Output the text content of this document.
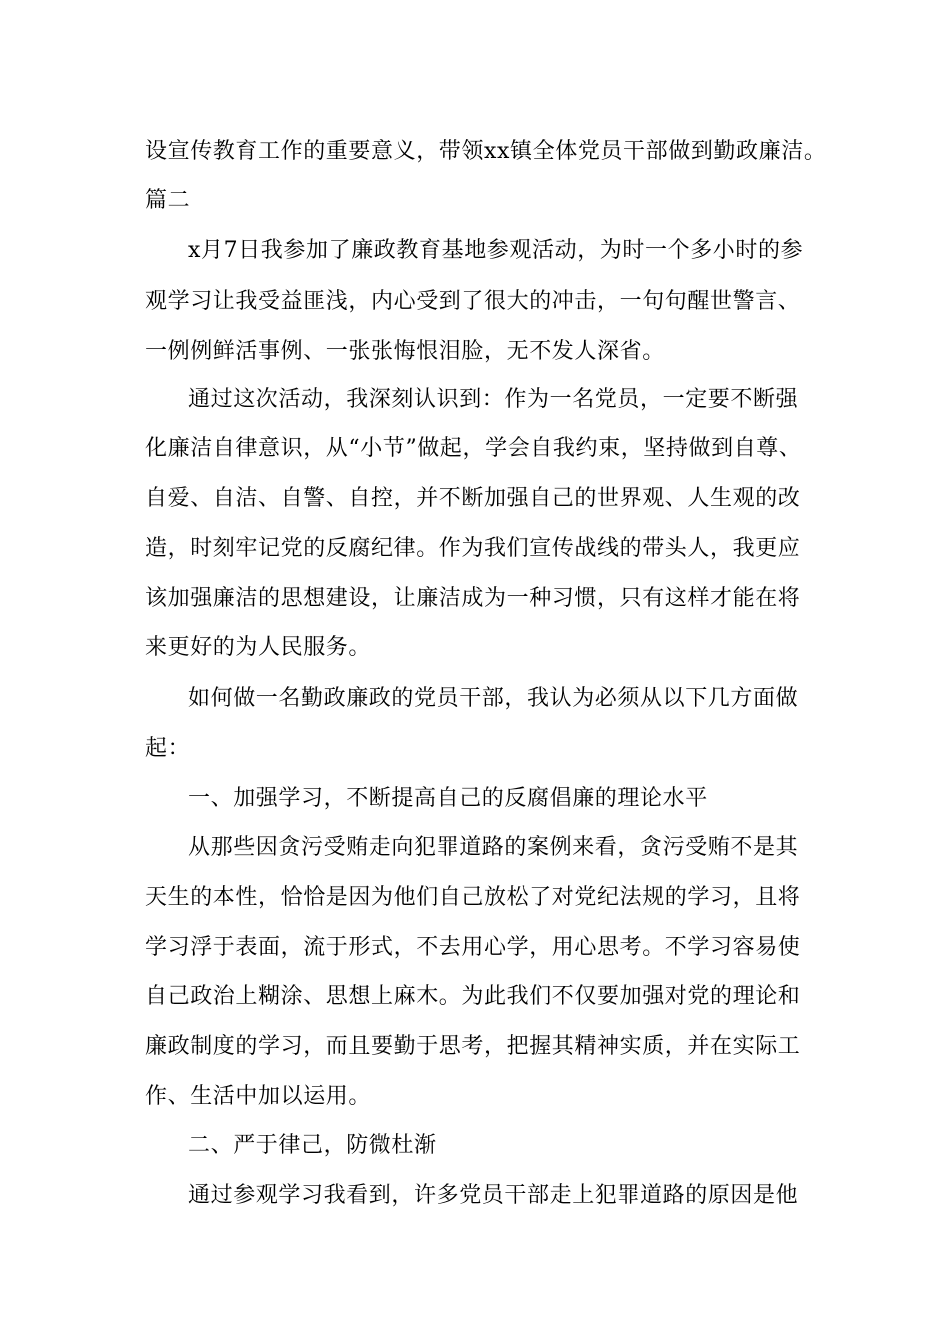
设宣传教育工作的重要意义，带领xx镇全体党员干部做到勤政廉洁。
篇二
x月7日我参加了廉政教育基地参观活动，为时一个多小时的参
观学习让我受益匪浅，内心受到了很大的冲击，一句句醒世警言、
一例例鲜活事例、一张张悔恨泪脸，无不发人深省。
通过这次活动，我深刻认识到：作为一名党员，一定要不断强
化廉洁自律意识，从“小节”做起，学会自我约束，坚持做到自尊、
自爱、自洁、自警、自控，并不断加强自己的世界观、人生观的改
造，时刻牢记党的反腐纪律。作为我们宣传战线的带头人，我更应
该加强廉洁的思想建设，让廉洁成为一种习惯，只有这样才能在将
来更好的为人民服务。
如何做一名勤政廉政的党员干部，我认为必须从以下几方面做
起：
一、加强学习，不断提高自己的反腐倡廉的理论水平
从那些因贪污受贿走向犯罪道路的案例来看，贪污受贿不是其
天生的本性，恰恰是因为他们自己放松了对党纪法规的学习，且将
学习浮于表面，流于形式，不去用心学，用心思考。不学习容易使
自己政治上糊涂、思想上麻木。为此我们不仅要加强对党的理论和
廉政制度的学习，而且要勤于思考，把握其精神实质，并在实际工
作、生活中加以运用。
二、严于律己，防微杜渐
通过参观学习我看到，许多党员干部走上犯罪道路的原因是他
